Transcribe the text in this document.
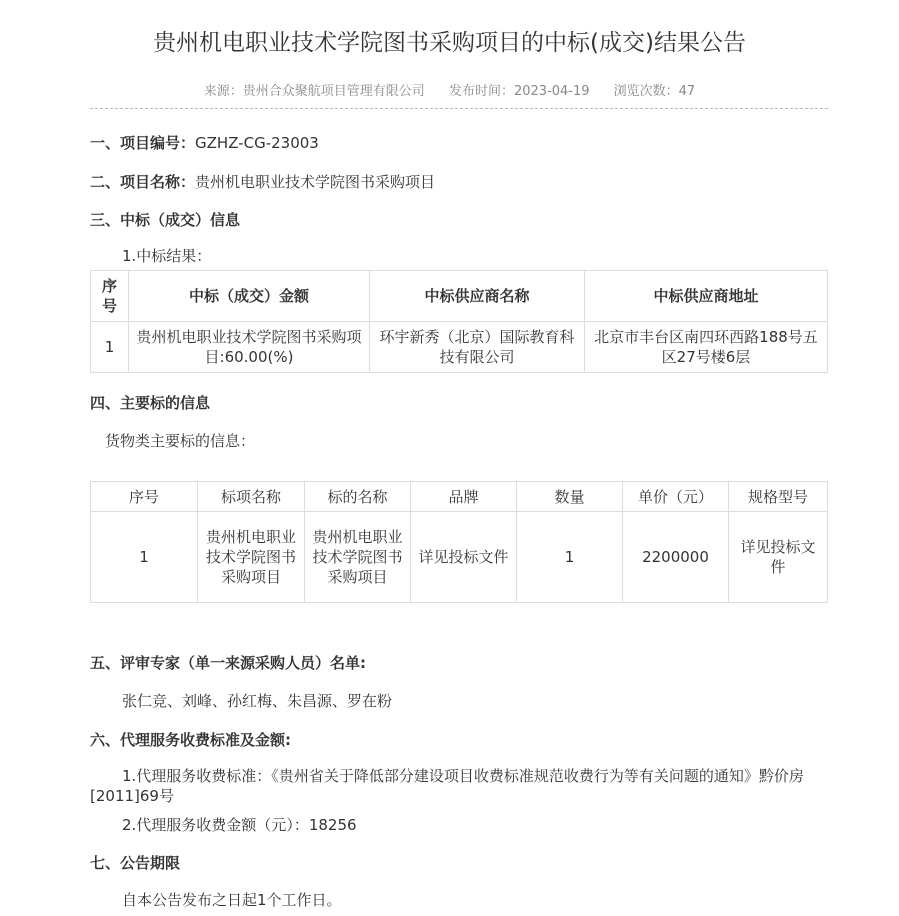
贵州机电职业技术学院图书采购项目的中标(成交)结果公告
来源：贵州合众聚航项目管理有限公司 发布时间：2023-04-19 浏览次数：47
一、项目编号：GZHZ-CG-23003
二、项目名称：贵州机电职业技术学院图书采购项目
三、中标（成交）信息
1.中标结果：
序号	中标（成交）金额	中标供应商名称	中标供应商地址
1	贵州机电职业技术学院图书采购项目:60.00(%)	环宇新秀（北京）国际教育科技有限公司	北京市丰台区南四环西路188号五区27号楼6层
四、主要标的信息
货物类主要标的信息：
序号	标项名称	标的名称	品牌	数量	单价（元）	规格型号
1	贵州机电职业技术学院图书采购项目	贵州机电职业技术学院图书采购项目	详见投标文件	1	2200000	详见投标文件
五、评审专家（单一来源采购人员）名单:
张仁竞、刘峰、孙红梅、朱昌源、罗在粉
六、代理服务收费标准及金额:
1.代理服务收费标准：《贵州省关于降低部分建设项目收费标准规范收费行为等有关问题的通知》黔价房[2011]69号
2.代理服务收费金额（元）：18256
七、公告期限
自本公告发布之日起1个工作日。
